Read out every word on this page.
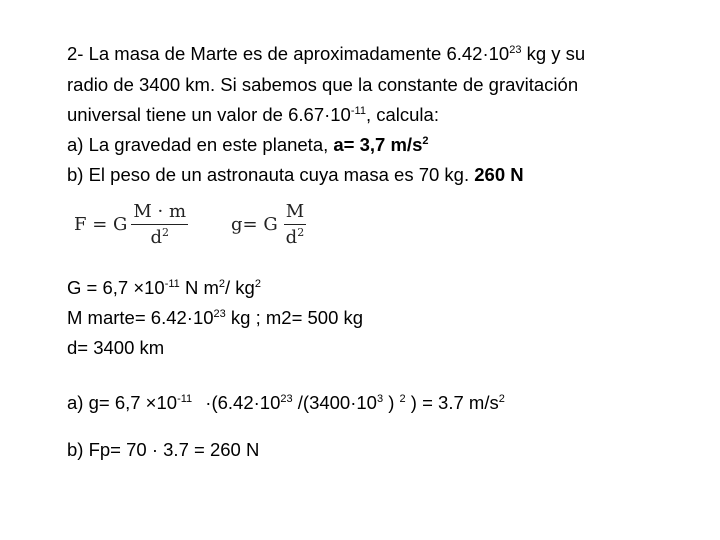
2- La masa de Marte es de aproximadamente $6.42\cdot 10^{23}$ kg y su
radio de 3400 km. Si sabemos que la constante de gravitación
universal tiene un valor de $6.67\cdot 10^{-11}$, calcula:
a) La gravedad en este planeta, a= 3,7 $m/s^2$
b) El peso de un astronauta cuya masa es 70 kg. 260 N
F = G $\frac{M \cdot m}{d^2} g= G \frac{M}{d^2}$
$G = 6,7 \times 10^{-11}$ N $m^2/$ $kg^2$
M marte= $6.42\cdot 10^{23}$ kg ; m2= 500 kg
d= 3400 km
a) $g= 6,7 \times 10^{-11} \cdot(6.42\cdot 10^{23}$ $/(3400\cdot 10^3$ ) $^2$ ) = 3.7 $m/s^2$
b) Fp= 70 · 3.7 = 260 N
